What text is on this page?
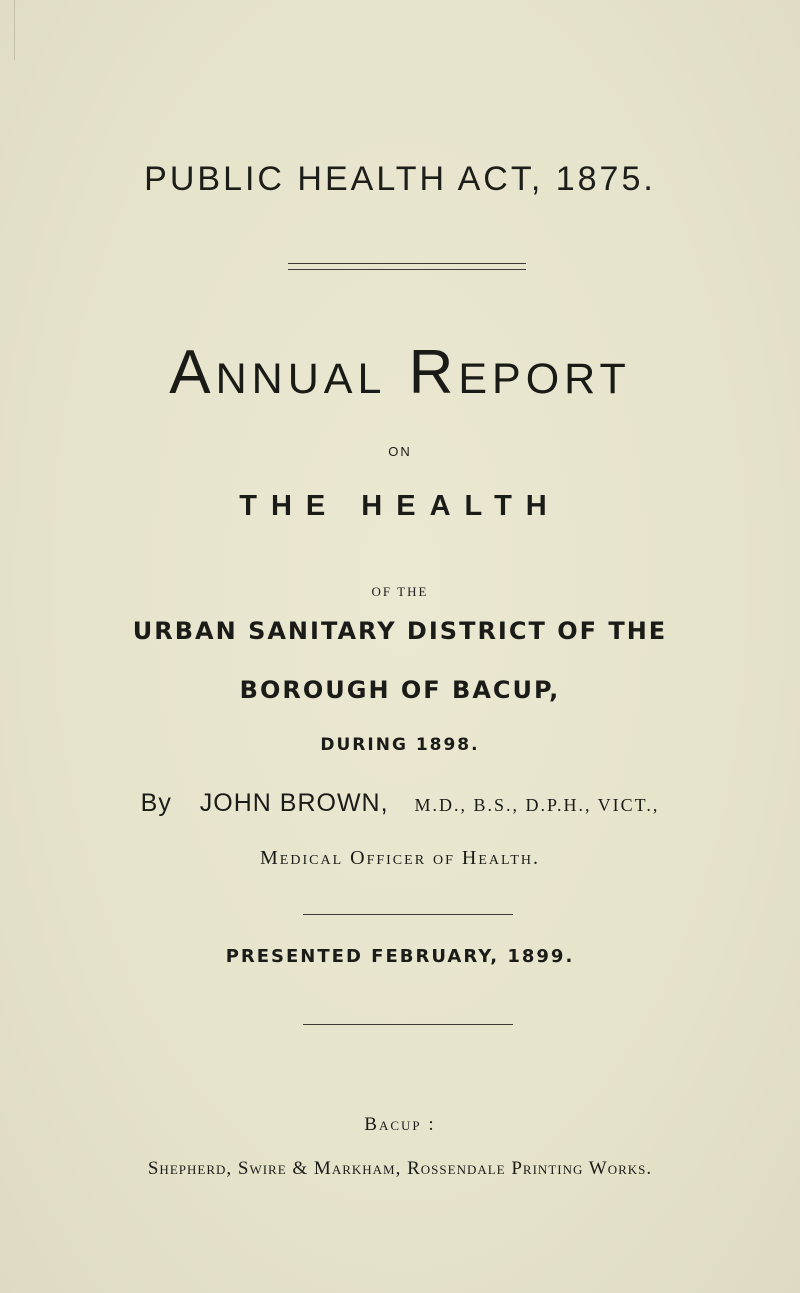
PUBLIC HEALTH ACT, 1875.
Annual Report
ON
THE HEALTH
OF THE
URBAN SANITARY DISTRICT OF THE
BOROUGH OF BACUP,
DURING 1898.
By JOHN BROWN, M.D., B.S., D.P.H., VICT.,
Medical Officer of Health.
PRESENTED FEBRUARY, 1899.
Bacup :
Shepherd, Swire & Markham, Rossendale Printing Works.
